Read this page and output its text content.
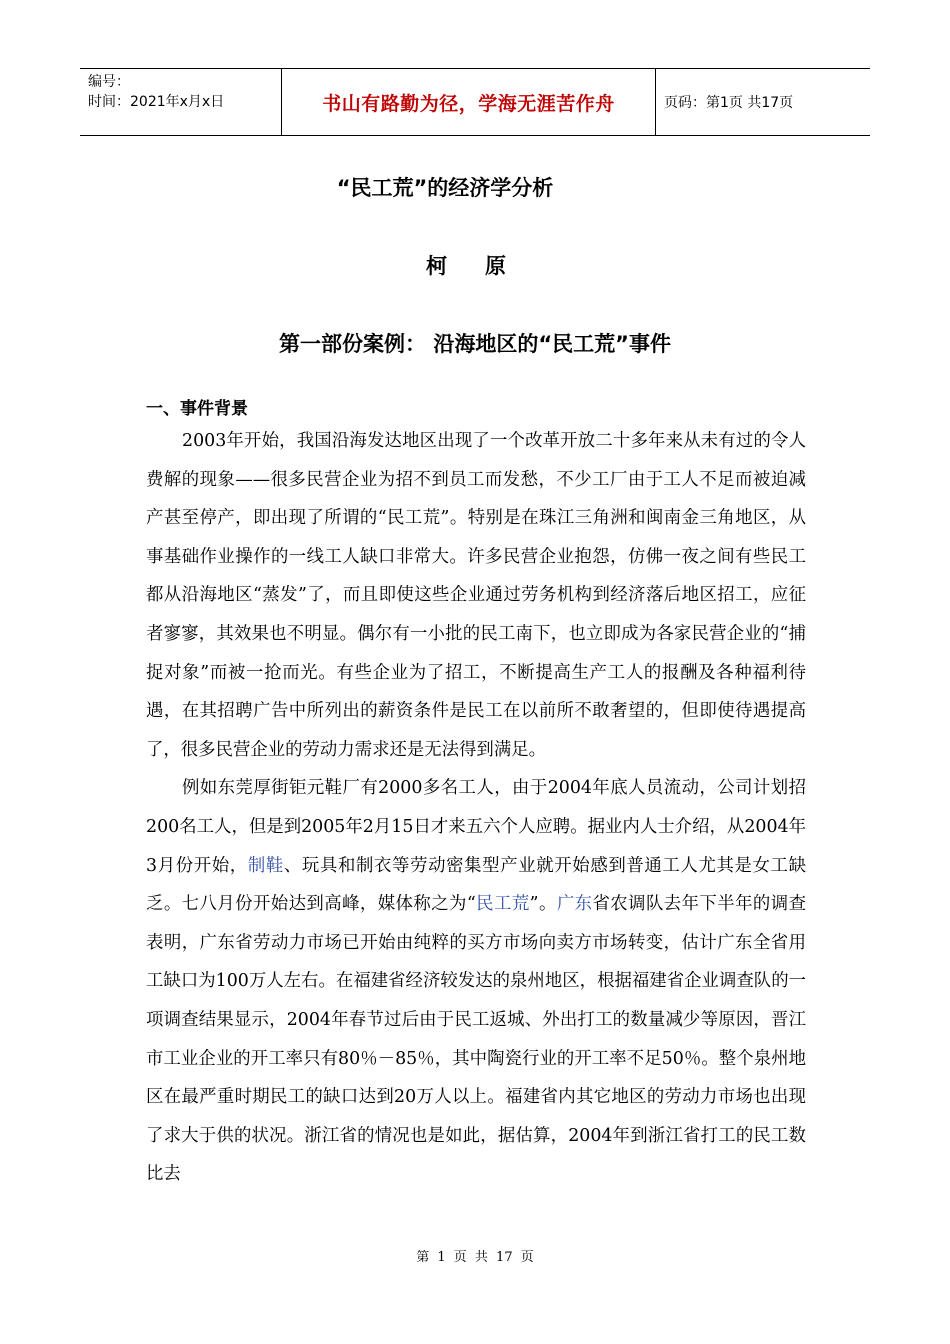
编号：
时间：2021年x月x日	书山有路勤为径，学海无涯苦作舟	页码：第1页 共17页
“民工荒”的经济学分析
柯原
第一部份案例： 沿海地区的“民工荒”事件
一、事件背景

2003年开始，我国沿海发达地区出现了一个改革开放二十多年来从未有过的令人费解的现象——很多民营企业为招不到员工而发愁，不少工厂由于工人不足而被迫减产甚至停产，即出现了所谓的“民工荒”。特别是在珠江三角洲和闽南金三角地区，从事基础作业操作的一线工人缺口非常大。许多民营企业抱怨，仿佛一夜之间有些民工都从沿海地区“蒸发”了，而且即使这些企业通过劳务机构到经济落后地区招工，应征者寥寥，其效果也不明显。偶尔有一小批的民工南下，也立即成为各家民营企业的“捕捉对象”而被一抢而光。有些企业为了招工，不断提高生产工人的报酬及各种福利待遇，在其招聘广告中所列出的薪资条件是民工在以前所不敢奢望的，但即使待遇提高了，很多民营企业的劳动力需求还是无法得到满足。

例如东莞厚街钜元鞋厂有2000多名工人，由于2004年底人员流动，公司计划招200名工人，但是到2005年2月15日才来五六个人应聘。据业内人士介绍，从2004年3月份开始，制鞋、玩具和制衣等劳动密集型产业就开始感到普通工人尤其是女工缺乏。七八月份开始达到高峰，媒体称之为“民工荒”。广东省农调队去年下半年的调查表明，广东省劳动力市场已开始由纯粹的买方市场向卖方市场转变，估计广东全省用工缺口为100万人左右。在福建省经济较发达的泉州地区，根据福建省企业调查队的一项调查结果显示，2004年春节过后由于民工返城、外出打工的数量减少等原因，晋江市工业企业的开工率只有80％－85％，其中陶瓷行业的开工率不足50％。整个泉州地区在最严重时期民工的缺口达到20万人以上。福建省内其它地区的劳动力市场也出现了求大于供的状况。浙江省的情况也是如此，据估算，2004年到浙江省打工的民工数比去

第 1 页 共 17 页
